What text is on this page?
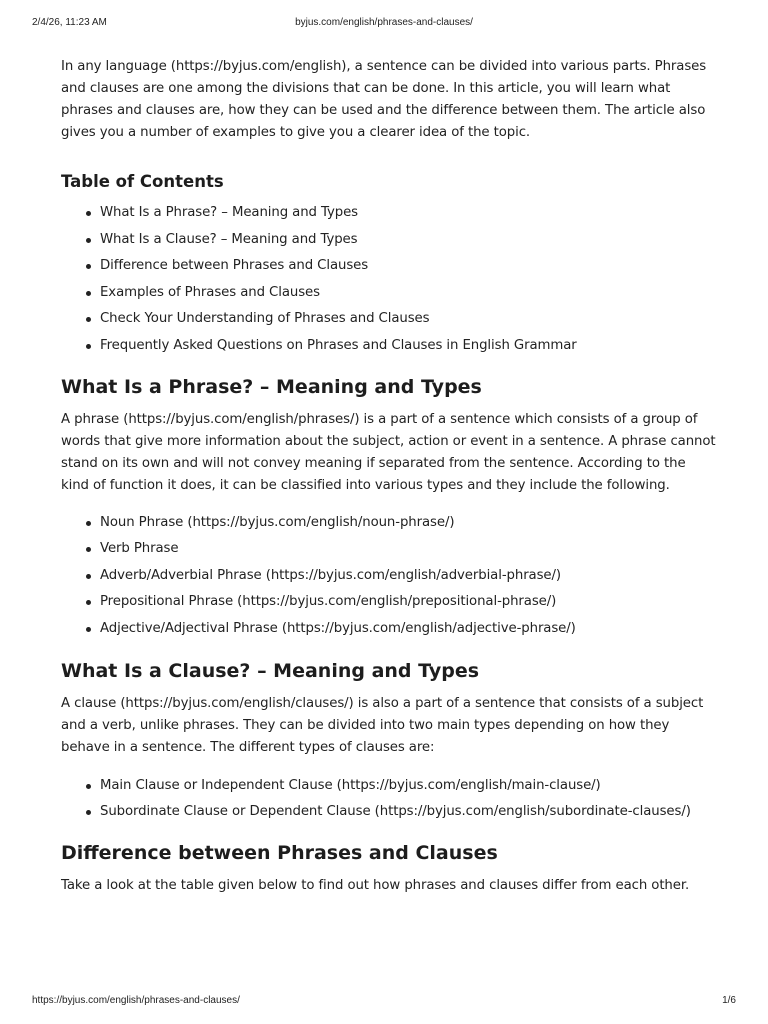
2/4/26, 11:23 AM	byjus.com/english/phrases-and-clauses/

In any language (https://byjus.com/english), a sentence can be divided into various parts. Phrases and clauses are one among the divisions that can be done. In this article, you will learn what phrases and clauses are, how they can be used and the difference between them. The article also gives you a number of examples to give you a clearer idea of the topic.

Table of Contents
What Is a Phrase? – Meaning and Types
What Is a Clause? – Meaning and Types
Difference between Phrases and Clauses
Examples of Phrases and Clauses
Check Your Understanding of Phrases and Clauses
Frequently Asked Questions on Phrases and Clauses in English Grammar
What Is a Phrase? – Meaning and Types

A phrase (https://byjus.com/english/phrases/) is a part of a sentence which consists of a group of words that give more information about the subject, action or event in a sentence. A phrase cannot stand on its own and will not convey meaning if separated from the sentence. According to the kind of function it does, it can be classified into various types and they include the following.

Noun Phrase (https://byjus.com/english/noun-phrase/)
Verb Phrase
Adverb/Adverbial Phrase (https://byjus.com/english/adverbial-phrase/)
Prepositional Phrase (https://byjus.com/english/prepositional-phrase/)
Adjective/Adjectival Phrase (https://byjus.com/english/adjective-phrase/)
What Is a Clause? – Meaning and Types

A clause (https://byjus.com/english/clauses/) is also a part of a sentence that consists of a subject and a verb, unlike phrases. They can be divided into two main types depending on how they behave in a sentence. The different types of clauses are:

Main Clause or Independent Clause (https://byjus.com/english/main-clause/)
Subordinate Clause or Dependent Clause (https://byjus.com/english/subordinate-clauses/)
Difference between Phrases and Clauses

Take a look at the table given below to find out how phrases and clauses differ from each other.

https://byjus.com/english/phrases-and-clauses/	1/6
